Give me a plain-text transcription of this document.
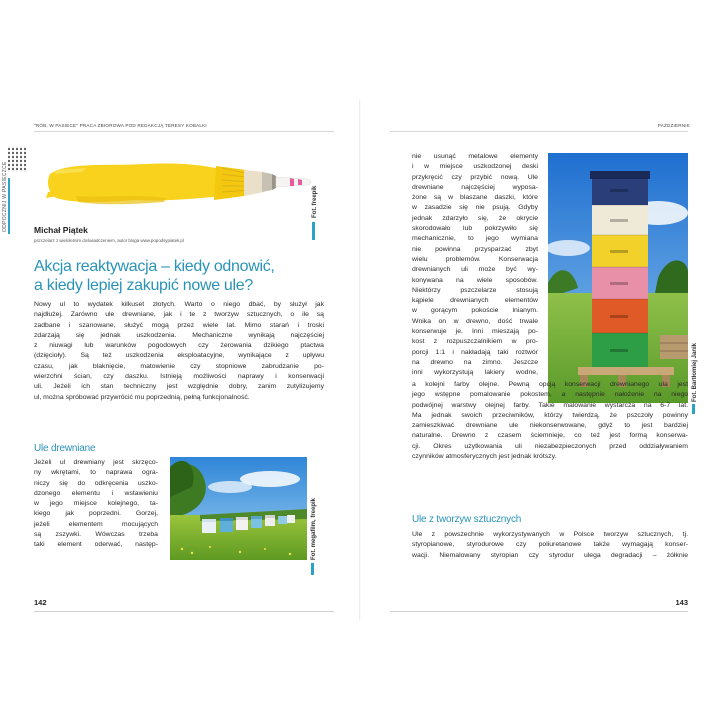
"RÓB, W PASIECE" PRACA ZBIOROWA POD REDAKCJĄ TERESY KOBALKI
ODPOCZNIJ W PASIECZCE	Fot. freepik
Michał Piątek
pszczelarz z wieloletnim doświadczeniem, autor bloga www.popodsypiatek.pl
Akcja reaktywacja – kiedy odnowić,
a kiedy lepiej zakupić nowe ule?
Nowy ul to wydatek kilkuset złotych. Warto o niego dbać, by służył jak
najdłużej. Zarówno ule drewniane, jak i te z tworzyw sztucznych, o ile są
zadbane i szanowane, służyć mogą przez wiele lat. Mimo starań i troski
zdarzają się jednak uszkodzenia. Mechaniczne wynikają najczęściej
z niuwagi lub warunków pogodowych czy żerowania dzikiego ptactwa
(dzięcioły). Są też uszkodzenia eksploatacyjne, wynikające z upływu
czasu, jak blaknięcie, matowienie czy stopniowe zabrudzanie po-
wierzchni ścian, czy daszku. Istnieją możliwości naprawy i konserwacji
uli. Jeżeli ich stan techniczny jest względnie dobry, zanim zutylizujemy
ul, można spróbować przywrócić mu poprzednią, pełną funkcjonalność.
Ule drewniane
Jeżeli ul drewniany jest skrzęco-
ny wkrętami, to naprawa ogra-
niczy się do odkręcenia uszko-
dzonego elementu i wstawieniu
w jego miejsce kolejnego, ta-
kiego jak poprzedni. Gorzej,
jeżeli elementem mocujących
są zszywki. Wówczas trzeba
taki element oderwać, następ-	Fot. megafilm, freepik
142
PAŹDZIERNIK
nie usunąć metalowe elementy
i w miejsce uszkodzonej deski
przykręcić czy przybić nową. Ule
drewniane najczęściej wyposa-
żone są w blaszane daszki, które
w zasadzie się nie psują. Gdyby
jednak zdarzyło się, że okrycie
skorodowało lub pokrzywiło się
mechanicznie, to jego wymiana
nie powinna przysparzać zbyt
wielu problemów. Konserwacja
drewnianych uli może być wy-
konywana na wiele sposobów.
Niektórzy pszczelarze stosują
kąpiele drewnianych elementów
w gorącym pokoście lnianym.
Wnika on w drewno, dość trwale
konserwuje je. Inni mieszają po-
kost z rozpuszczalnikiem w pro-
porcji 1:1 i nakładają taki roztwór
na drewno na zimno. Jeszcze
inni wykorzystują lakiery wodne,	Fot. Bartłomiej Janik
a kolejni farby olejne. Pewną opcją konserwacji drewnianego ula jest
jego wstępne pomalowanie pokostem, a następnie nałożenie na niego
podwójnej warstwy olejnej farby. Takie malowanie wystarcza na 6-7 lat.
Ma jednak swoich przeciwników, którzy twierdzą, że pszczoły powinny
zamieszkiwać drewniane ule niekonserwowane, gdyż to jest bardziej
naturalne. Drewno z czasem ściemnieje, co też jest formą konserwa-
cji. Okres użytkowania uli niezabezpieczonych przed oddziaływaniem
czynników atmosferycznych jest jednak krótszy.
Ule z tworzyw sztucznych
Ule z powszechnie wykorzystywanych w Polsce tworzyw sztucznych, tj.
styropianowe, styrodurowe czy poliuretanowe także wymagają konser-
wacji. Niemalowany styropian czy styrodur ulega degradacji – żółknie
143
